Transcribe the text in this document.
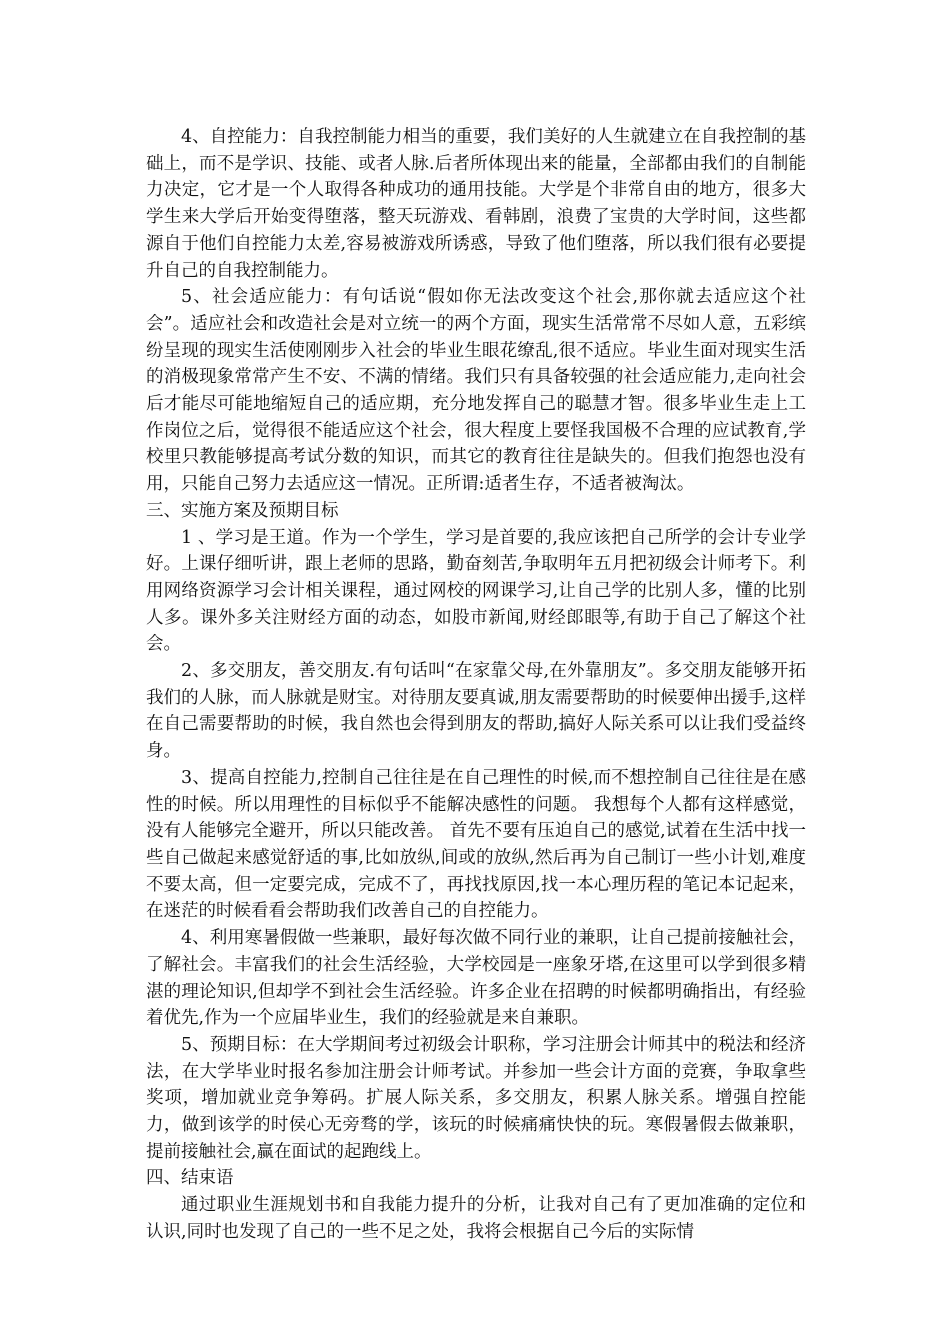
4、自控能力：自我控制能力相当的重要，我们美好的人生就建立在自我控制的基础上，而不是学识、技能、或者人脉.后者所体现出来的能量，全部都由我们的自制能力决定，它才是一个人取得各种成功的通用技能。大学是个非常自由的地方，很多大学生来大学后开始变得堕落，整天玩游戏、看韩剧，浪费了宝贵的大学时间，这些都源自于他们自控能力太差,容易被游戏所诱惑，导致了他们堕落，所以我们很有必要提升自己的自我控制能力。

5、社会适应能力：有句话说“假如你无法改变这个社会,那你就去适应这个社会”。适应社会和改造社会是对立统一的两个方面，现实生活常常不尽如人意，五彩缤纷呈现的现实生活使刚刚步入社会的毕业生眼花缭乱,很不适应。毕业生面对现实生活的消极现象常常产生不安、不满的情绪。我们只有具备较强的社会适应能力,走向社会后才能尽可能地缩短自己的适应期，充分地发挥自己的聪慧才智。很多毕业生走上工作岗位之后，觉得很不能适应这个社会，很大程度上要怪我国极不合理的应试教育,学校里只教能够提高考试分数的知识，而其它的教育往往是缺失的。但我们抱怨也没有用，只能自己努力去适应这一情况。正所谓:适者生存，不适者被淘汰。

三、实施方案及预期目标

1 、学习是王道。作为一个学生，学习是首要的,我应该把自己所学的会计专业学好。上课仔细听讲，跟上老师的思路，勤奋刻苦,争取明年五月把初级会计师考下。利用网络资源学习会计相关课程，通过网校的网课学习,让自己学的比别人多，懂的比别人多。课外多关注财经方面的动态，如股市新闻,财经郎眼等,有助于自己了解这个社会。

2、多交朋友，善交朋友.有句话叫“在家靠父母,在外靠朋友”。多交朋友能够开拓我们的人脉，而人脉就是财宝。对待朋友要真诚,朋友需要帮助的时候要伸出援手,这样在自己需要帮助的时候，我自然也会得到朋友的帮助,搞好人际关系可以让我们受益终身。

3、提高自控能力,控制自己往往是在自己理性的时候,而不想控制自己往往是在感性的时候。所以用理性的目标似乎不能解决感性的问题。 我想每个人都有这样感觉，没有人能够完全避开，所以只能改善。 首先不要有压迫自己的感觉,试着在生活中找一些自己做起来感觉舒适的事,比如放纵,间或的放纵,然后再为自己制订一些小计划,难度不要太高，但一定要完成，完成不了，再找找原因,找一本心理历程的笔记本记起来，在迷茫的时候看看会帮助我们改善自己的自控能力。

4、利用寒暑假做一些兼职，最好每次做不同行业的兼职，让自己提前接触社会，了解社会。丰富我们的社会生活经验，大学校园是一座象牙塔,在这里可以学到很多精湛的理论知识,但却学不到社会生活经验。许多企业在招聘的时候都明确指出，有经验着优先,作为一个应届毕业生，我们的经验就是来自兼职。

5、预期目标：在大学期间考过初级会计职称，学习注册会计师其中的税法和经济法，在大学毕业时报名参加注册会计师考试。并参加一些会计方面的竞赛，争取拿些奖项，增加就业竞争筹码。扩展人际关系，多交朋友，积累人脉关系。增强自控能力，做到该学的时侯心无旁骛的学，该玩的时候痛痛快快的玩。寒假暑假去做兼职，提前接触社会,赢在面试的起跑线上。

四、结束语

通过职业生涯规划书和自我能力提升的分析，让我对自己有了更加准确的定位和认识,同时也发现了自己的一些不足之处，我将会根据自己今后的实际情
